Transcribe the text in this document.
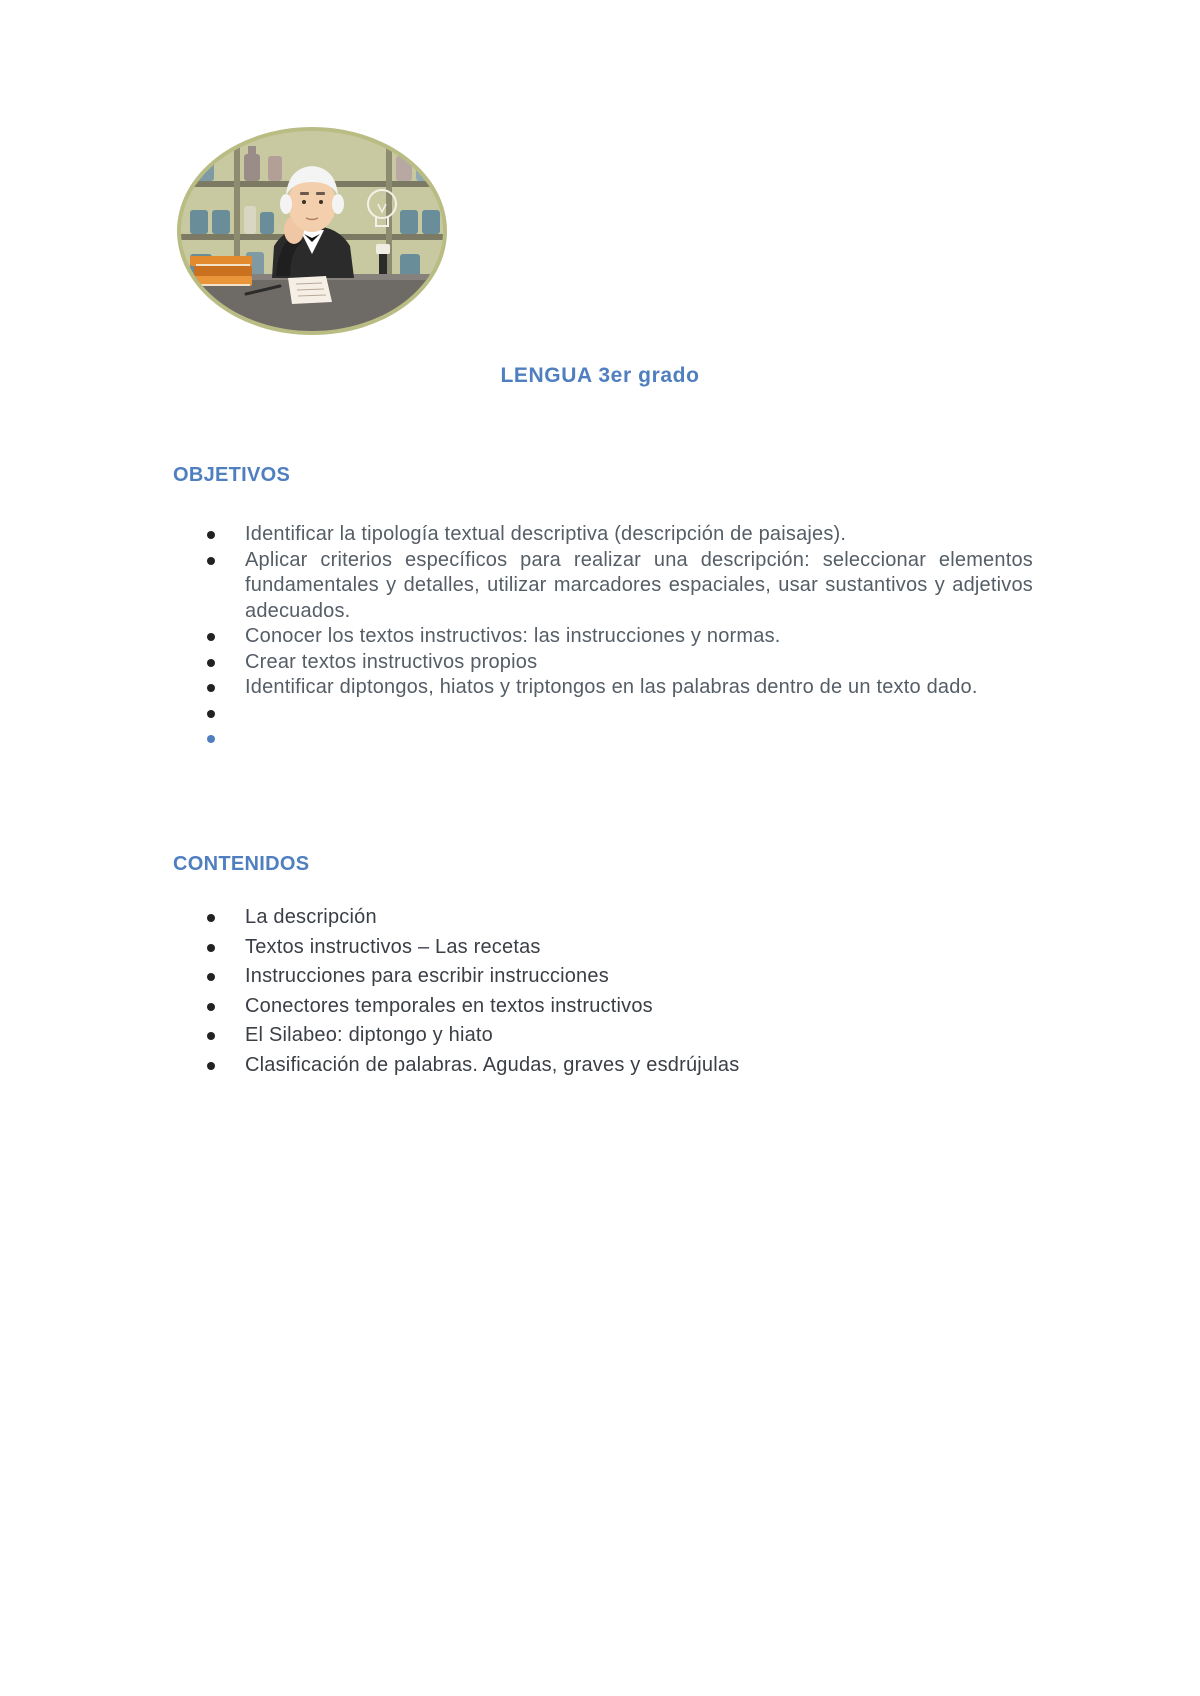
LENGUA 3er grado
OBJETIVOS
Identificar la tipología textual descriptiva (descripción de paisajes).
Aplicar criterios específicos para realizar una descripción: seleccionar elementos fundamentales y detalles, utilizar marcadores espaciales, usar sustantivos y adjetivos adecuados.
Conocer los textos instructivos: las instrucciones y normas.
Crear textos instructivos propios
Identificar diptongos, hiatos y triptongos en las palabras dentro de un texto dado.
CONTENIDOS
La descripción
Textos instructivos – Las recetas
Instrucciones para escribir instrucciones
Conectores temporales en textos instructivos
El Silabeo: diptongo y hiato
Clasificación de palabras. Agudas, graves y esdrújulas
